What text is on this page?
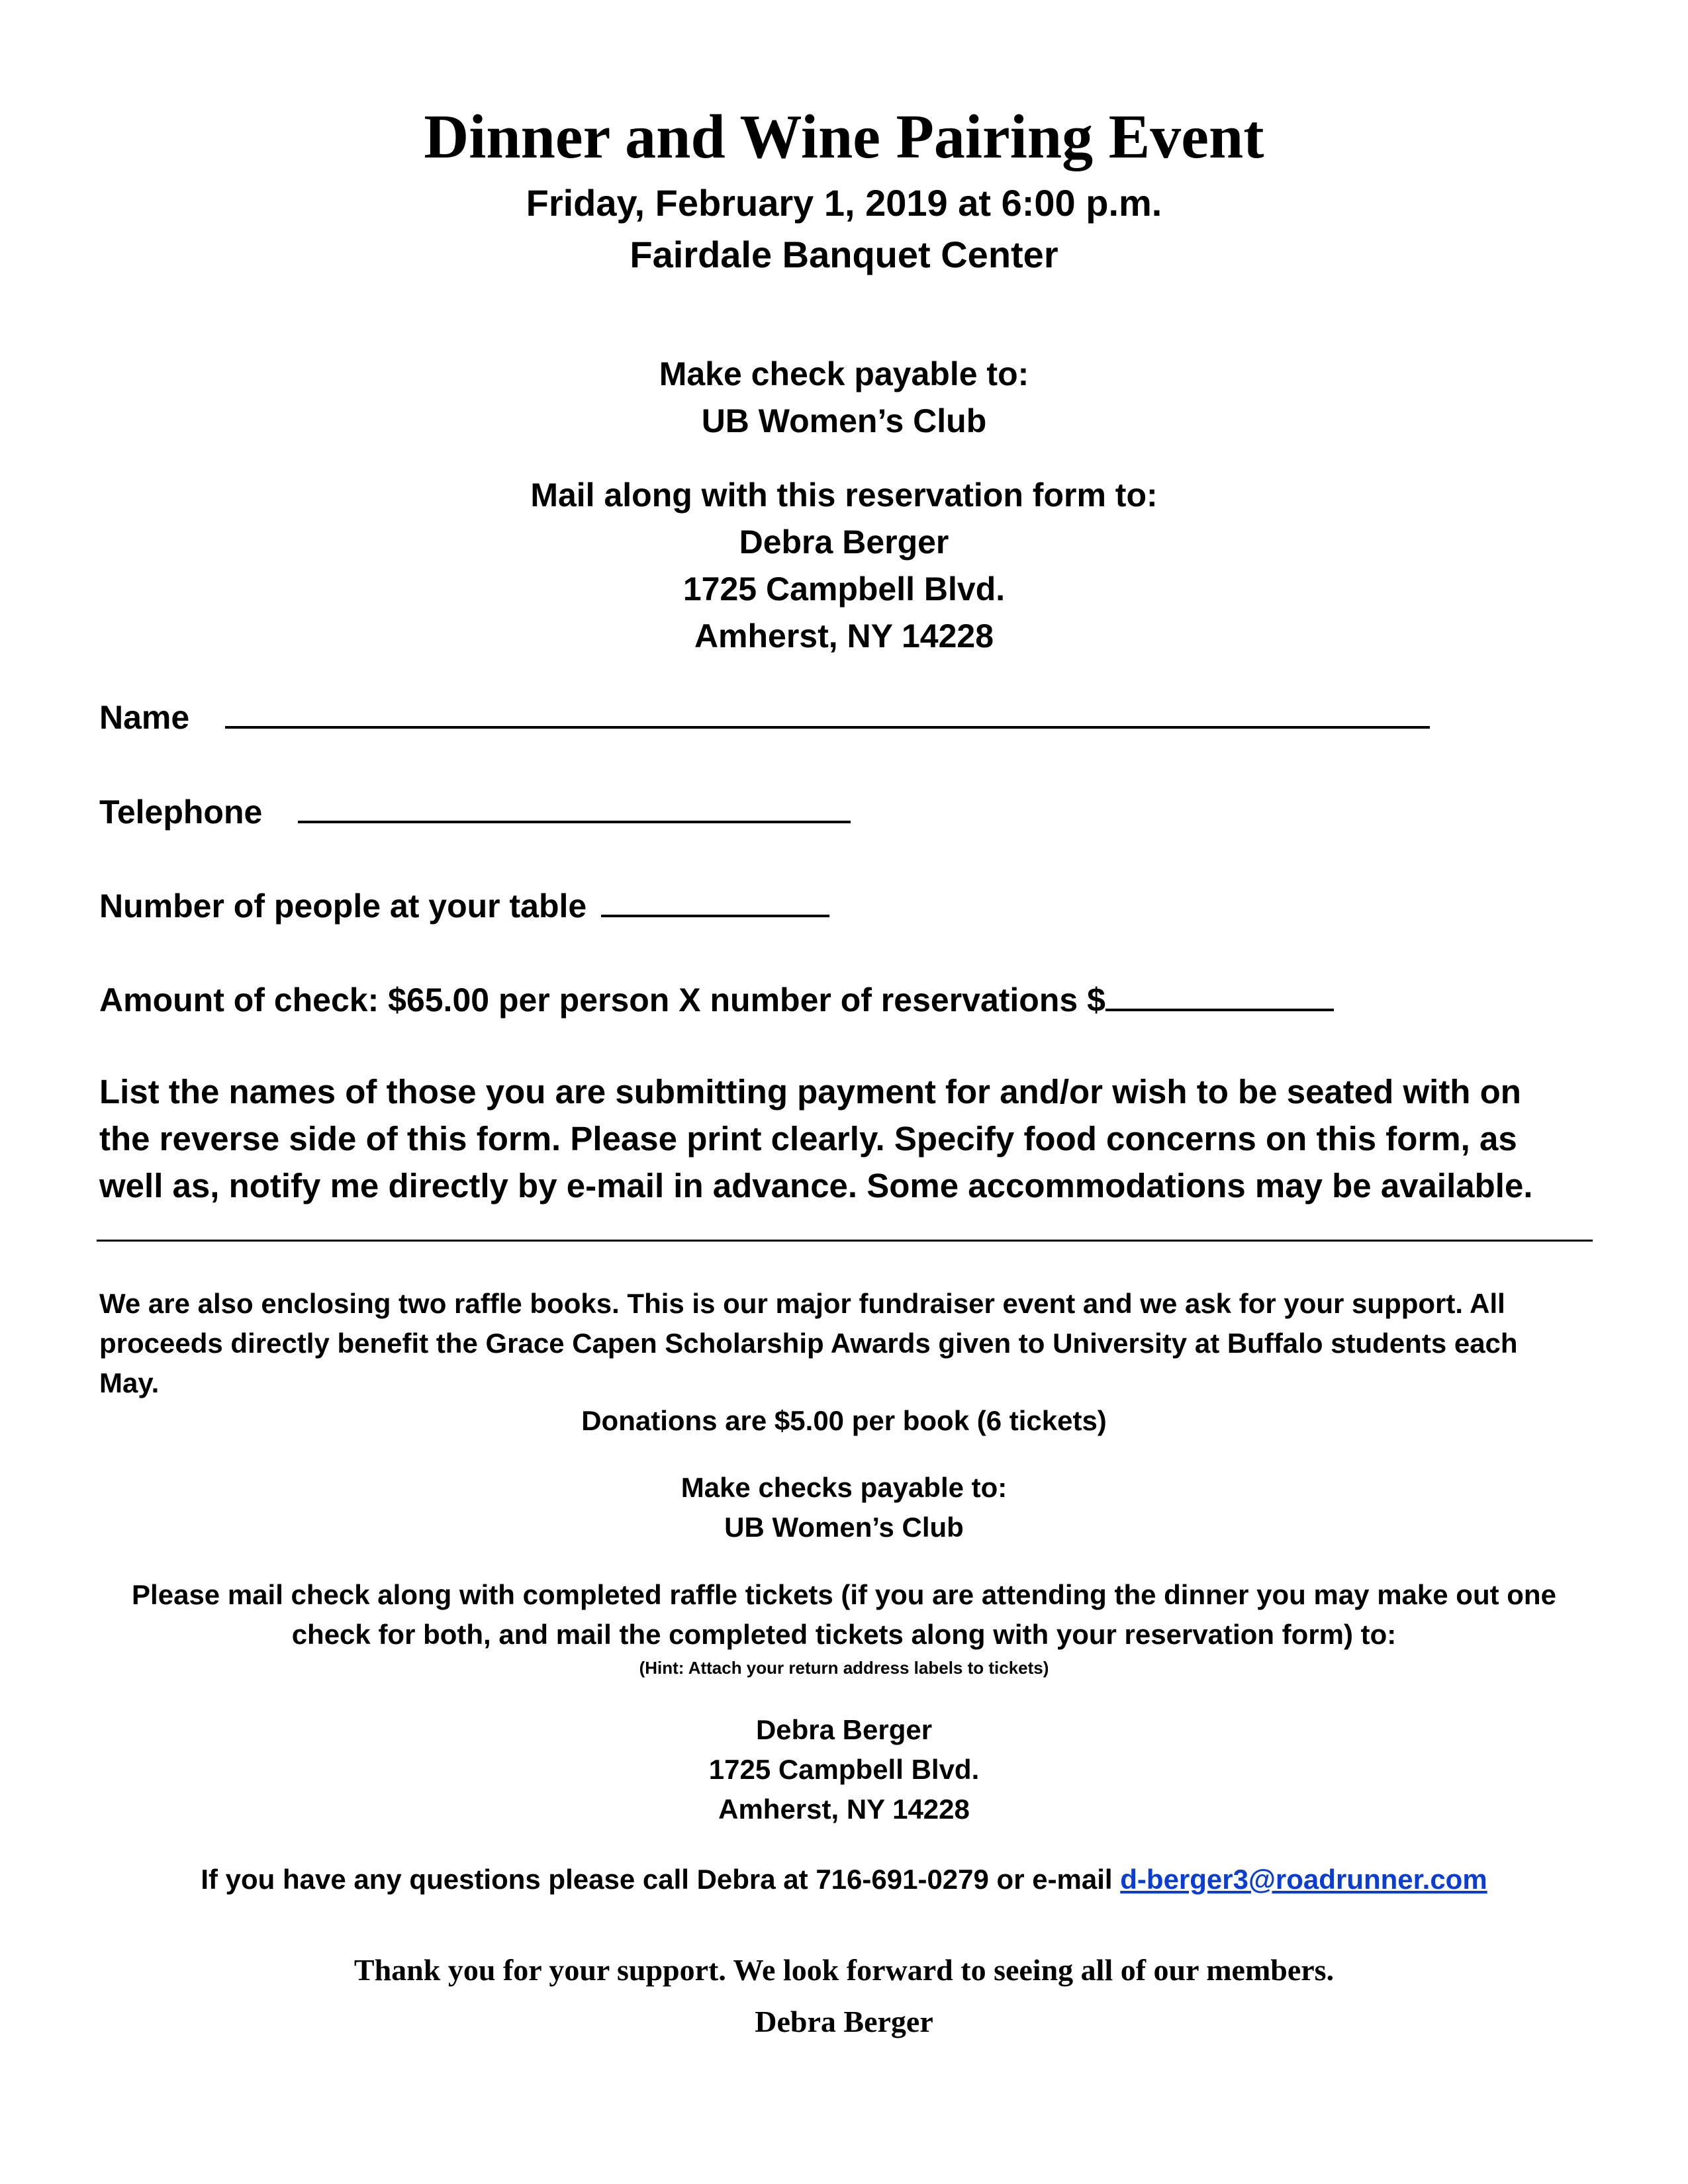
Dinner and Wine Pairing Event
Friday, February 1, 2019 at 6:00 p.m.
Fairdale Banquet Center
Make check payable to:
UB Women’s Club
Mail along with this reservation form to:
Debra Berger
1725 Campbell Blvd.
Amherst, NY 14228
Name
Telephone
Number of people at your table
Amount of check: $65.00 per person X number of reservations $
List the names of those you are submitting payment for and/or wish to be seated with on
the reverse side of this form. Please print clearly. Specify food concerns on this form, as
well as, notify me directly by e-mail in advance. Some accommodations may be available.
We are also enclosing two raffle books. This is our major fundraiser event and we ask for your support. All
proceeds directly benefit the Grace Capen Scholarship Awards given to University at Buffalo students each
May.
Donations are $5.00 per book (6 tickets)
Make checks payable to:
UB Women’s Club
Please mail check along with completed raffle tickets (if you are attending the dinner you may make out one
check for both, and mail the completed tickets along with your reservation form) to:
(Hint: Attach your return address labels to tickets)
Debra Berger
1725 Campbell Blvd.
Amherst, NY 14228
If you have any questions please call Debra at 716-691-0279 or e-mail d-berger3@roadrunner.com
Thank you for your support. We look forward to seeing all of our members.
Debra Berger
